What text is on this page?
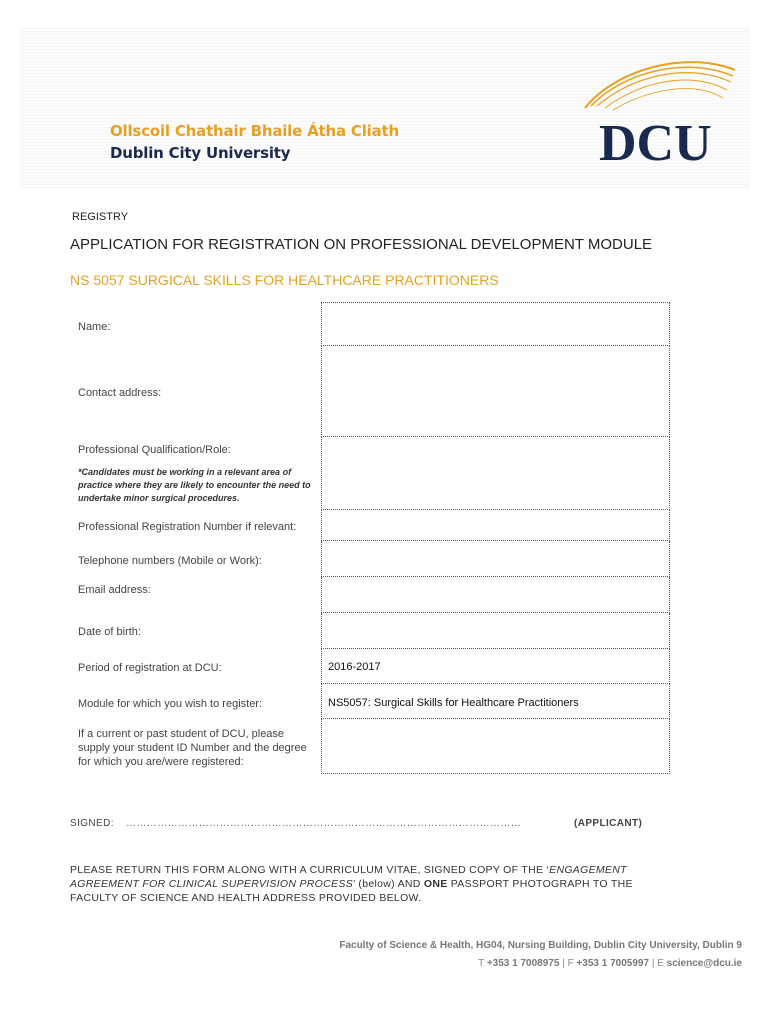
Ollscoil Chathair Bhaile Átha Cliath
Dublin City University	DCU
REGISTRY
APPLICATION FOR REGISTRATION ON PROFESSIONAL DEVELOPMENT MODULE
NS 5057 SURGICAL SKILLS FOR HEALTHCARE PRACTITIONERS
Name:
Contact address:
Professional Qualification/Role:
*Candidates must be working in a relevant area of practice where they are likely to encounter the need to undertake minor surgical procedures.
Professional Registration Number if relevant:
Telephone numbers (Mobile or Work):
Email address:
Date of birth:
Period of registration at DCU:	2016-2017
Module for which you wish to register:	NS5057: Surgical Skills for Healthcare Practitioners
If a current or past student of DCU, please supply your student ID Number and the degree for which you are/were registered:
SIGNED: ……………………………………………………………………………………………………	(APPLICANT)
PLEASE RETURN THIS FORM ALONG WITH A CURRICULUM VITAE, SIGNED COPY OF THE ‘ENGAGEMENT AGREEMENT FOR CLINICAL SUPERVISION PROCESS’ (below) AND ONE PASSPORT PHOTOGRAPH TO THE FACULTY OF SCIENCE AND HEALTH ADDRESS PROVIDED BELOW.
Faculty of Science & Health, HG04, Nursing Building, Dublin City University, Dublin 9
T +353 1 7008975 | F +353 1 7005997 | E science@dcu.ie
